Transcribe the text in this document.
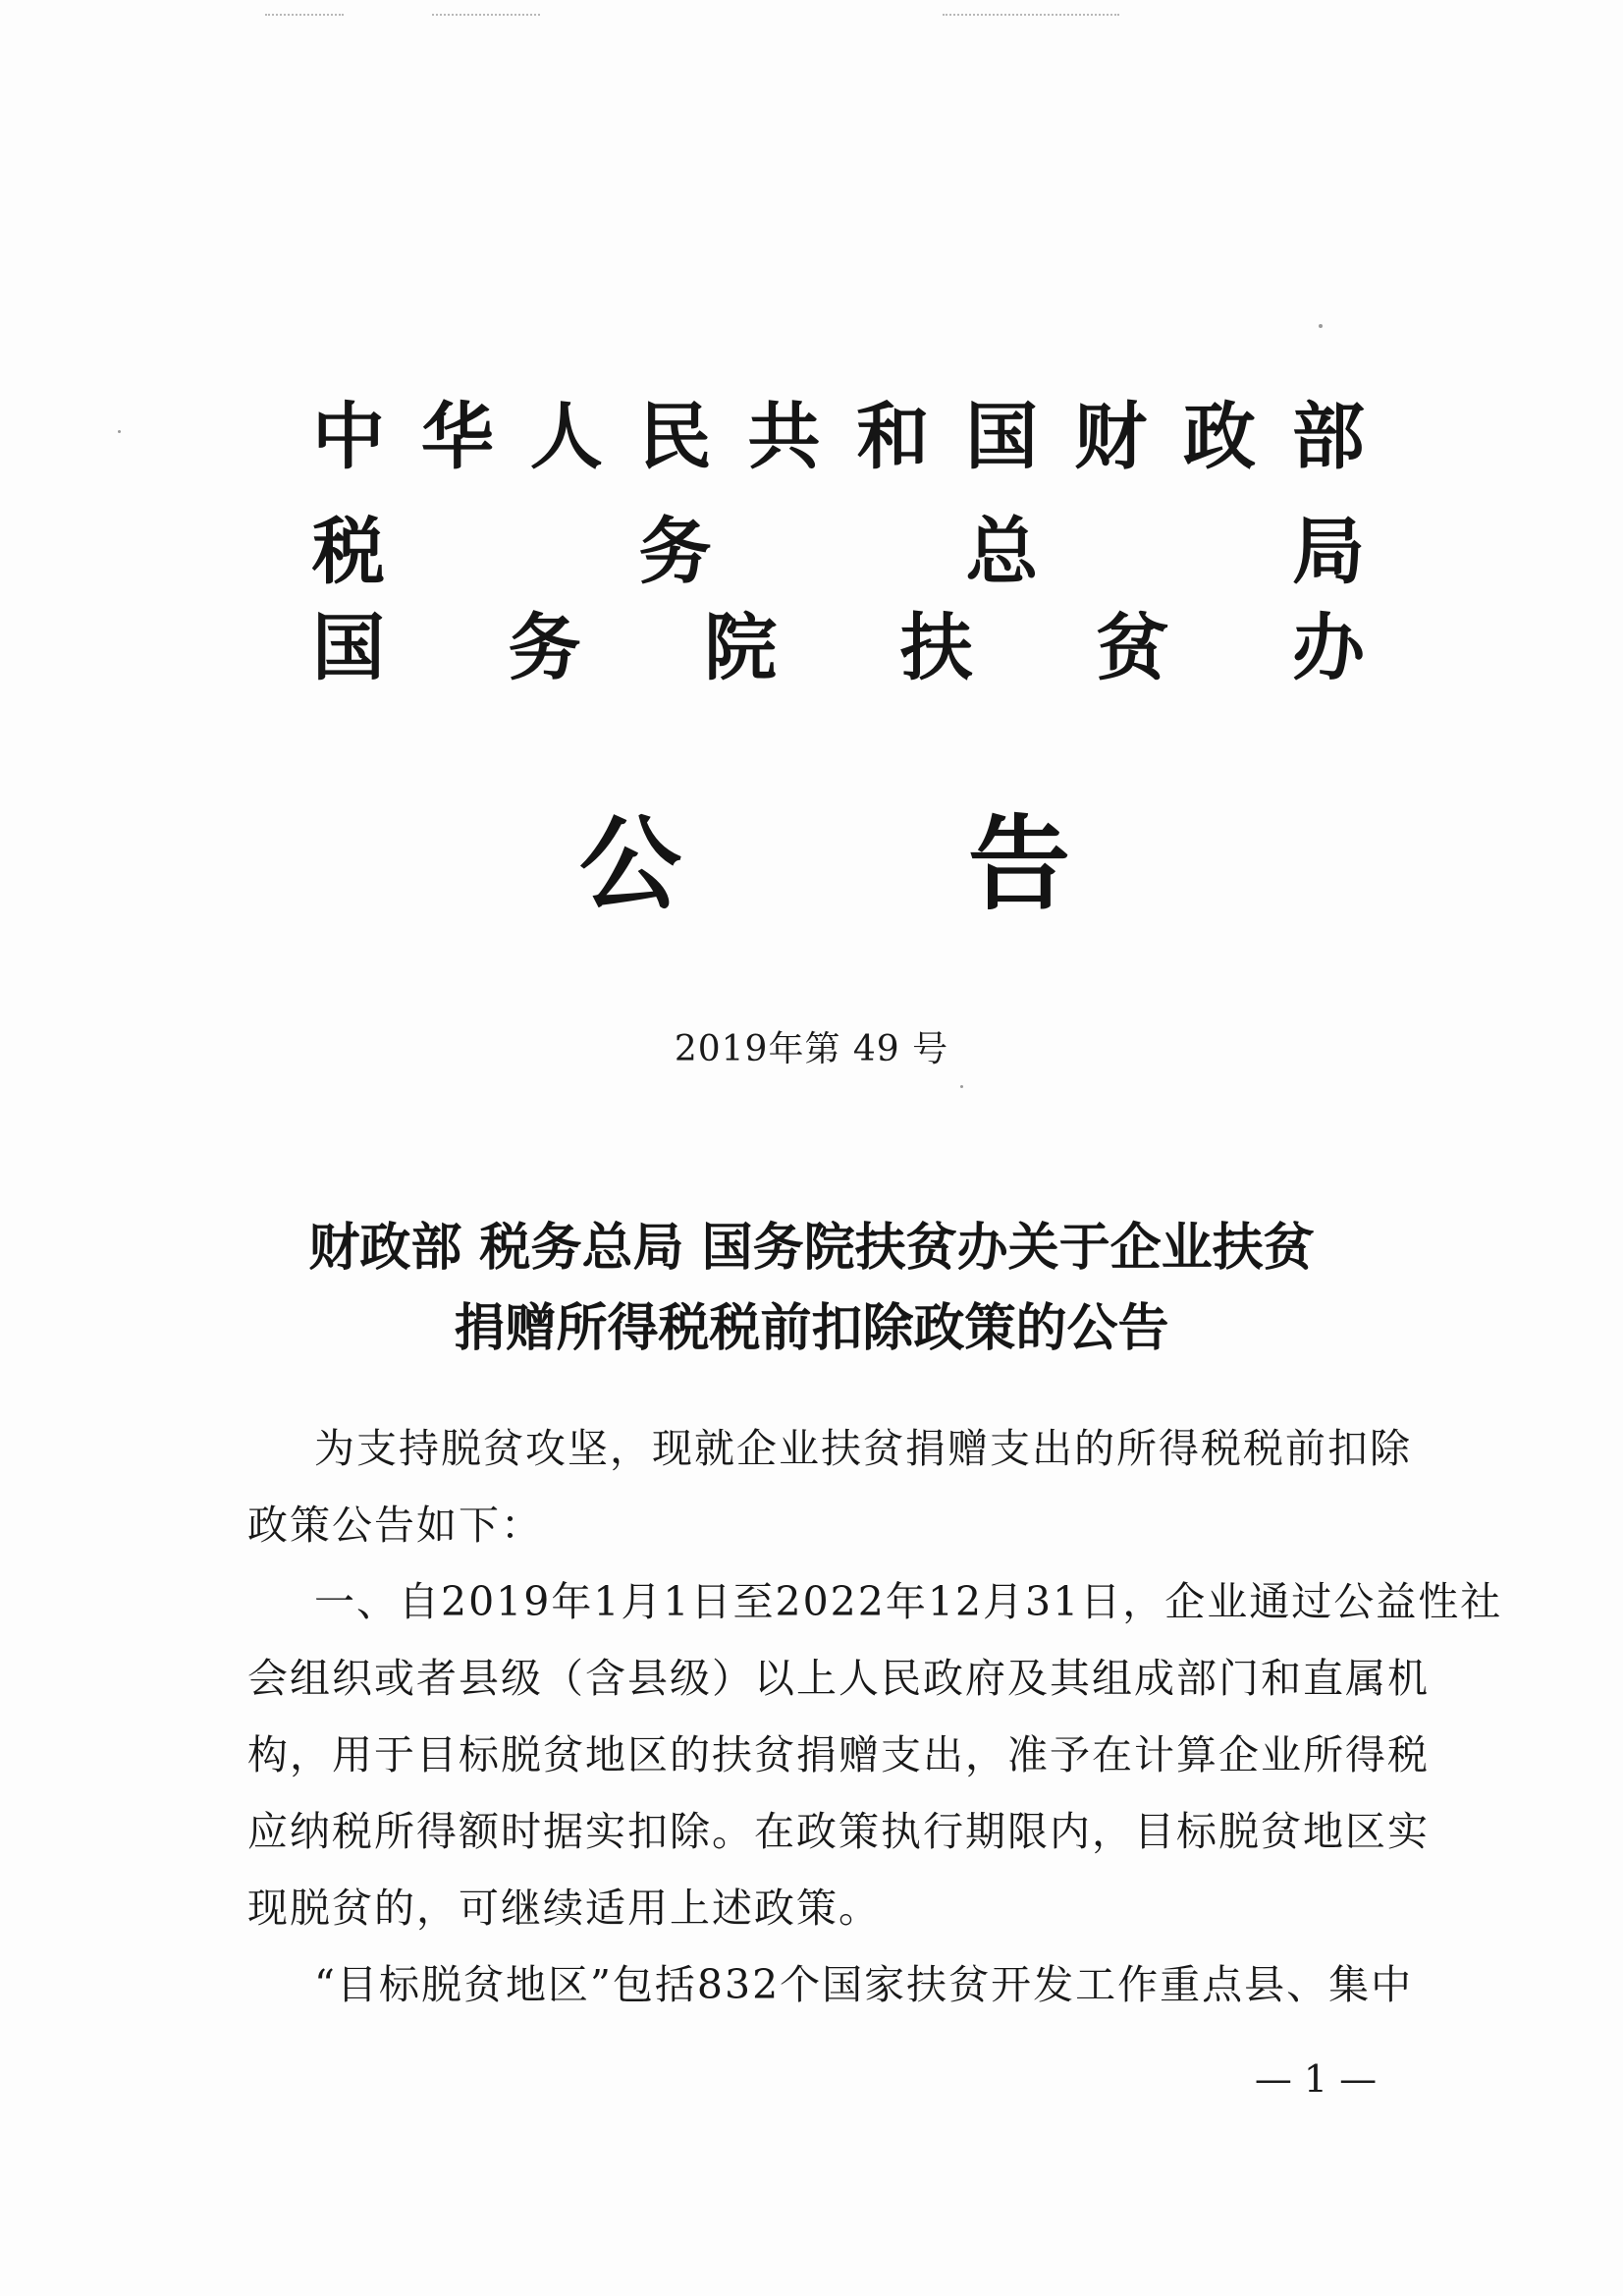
中 华 人 民 共 和 国 财 政 部
税	务	总	局
国 务 院 扶 贫 办
公	告
2019年第 49 号
财政部 税务总局 国务院扶贫办关于企业扶贫
捐赠所得税税前扣除政策的公告
为支持脱贫攻坚，现就企业扶贫捐赠支出的所得税税前扣除
政策公告如下：
一、自2019年1月1日至2022年12月31日，企业通过公益性社
会组织或者县级（含县级）以上人民政府及其组成部门和直属机
构，用于目标脱贫地区的扶贫捐赠支出，准予在计算企业所得税
应纳税所得额时据实扣除。在政策执行期限内，目标脱贫地区实
现脱贫的，可继续适用上述政策。
“目标脱贫地区”包括832个国家扶贫开发工作重点县、集中
— 1 —
